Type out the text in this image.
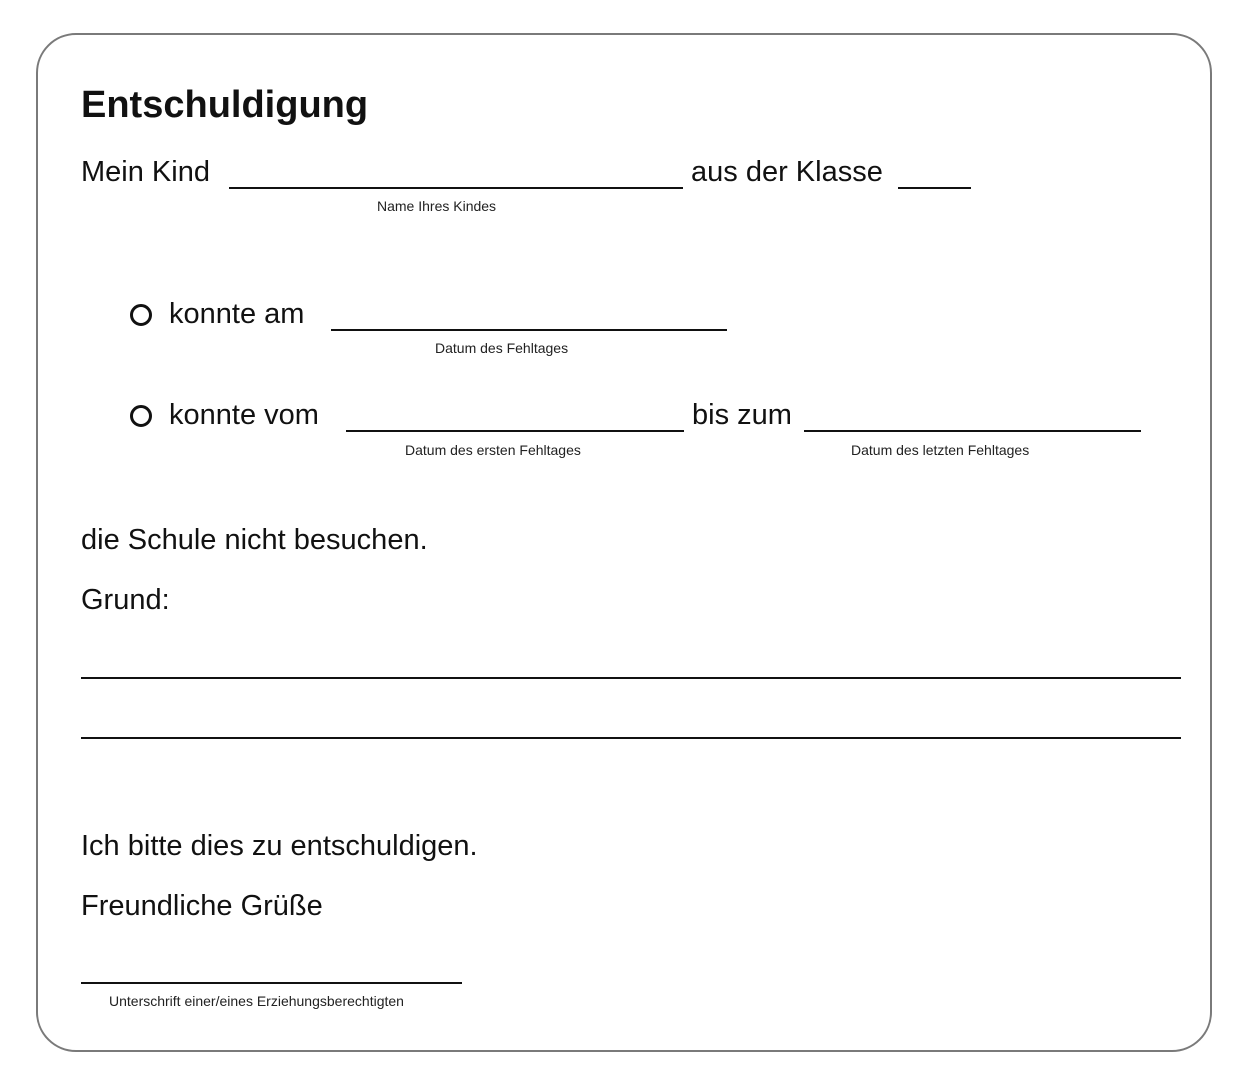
Entschuldigung
Mein Kind	aus der Klasse
Name Ihres Kindes
konnte am
Datum des Fehltages
konnte vom	bis zum
Datum des ersten Fehltages	Datum des letzten Fehltages
die Schule nicht besuchen.
Grund:
Ich bitte dies zu entschuldigen.
Freundliche Grüße
Unterschrift einer/eines Erziehungsberechtigten
